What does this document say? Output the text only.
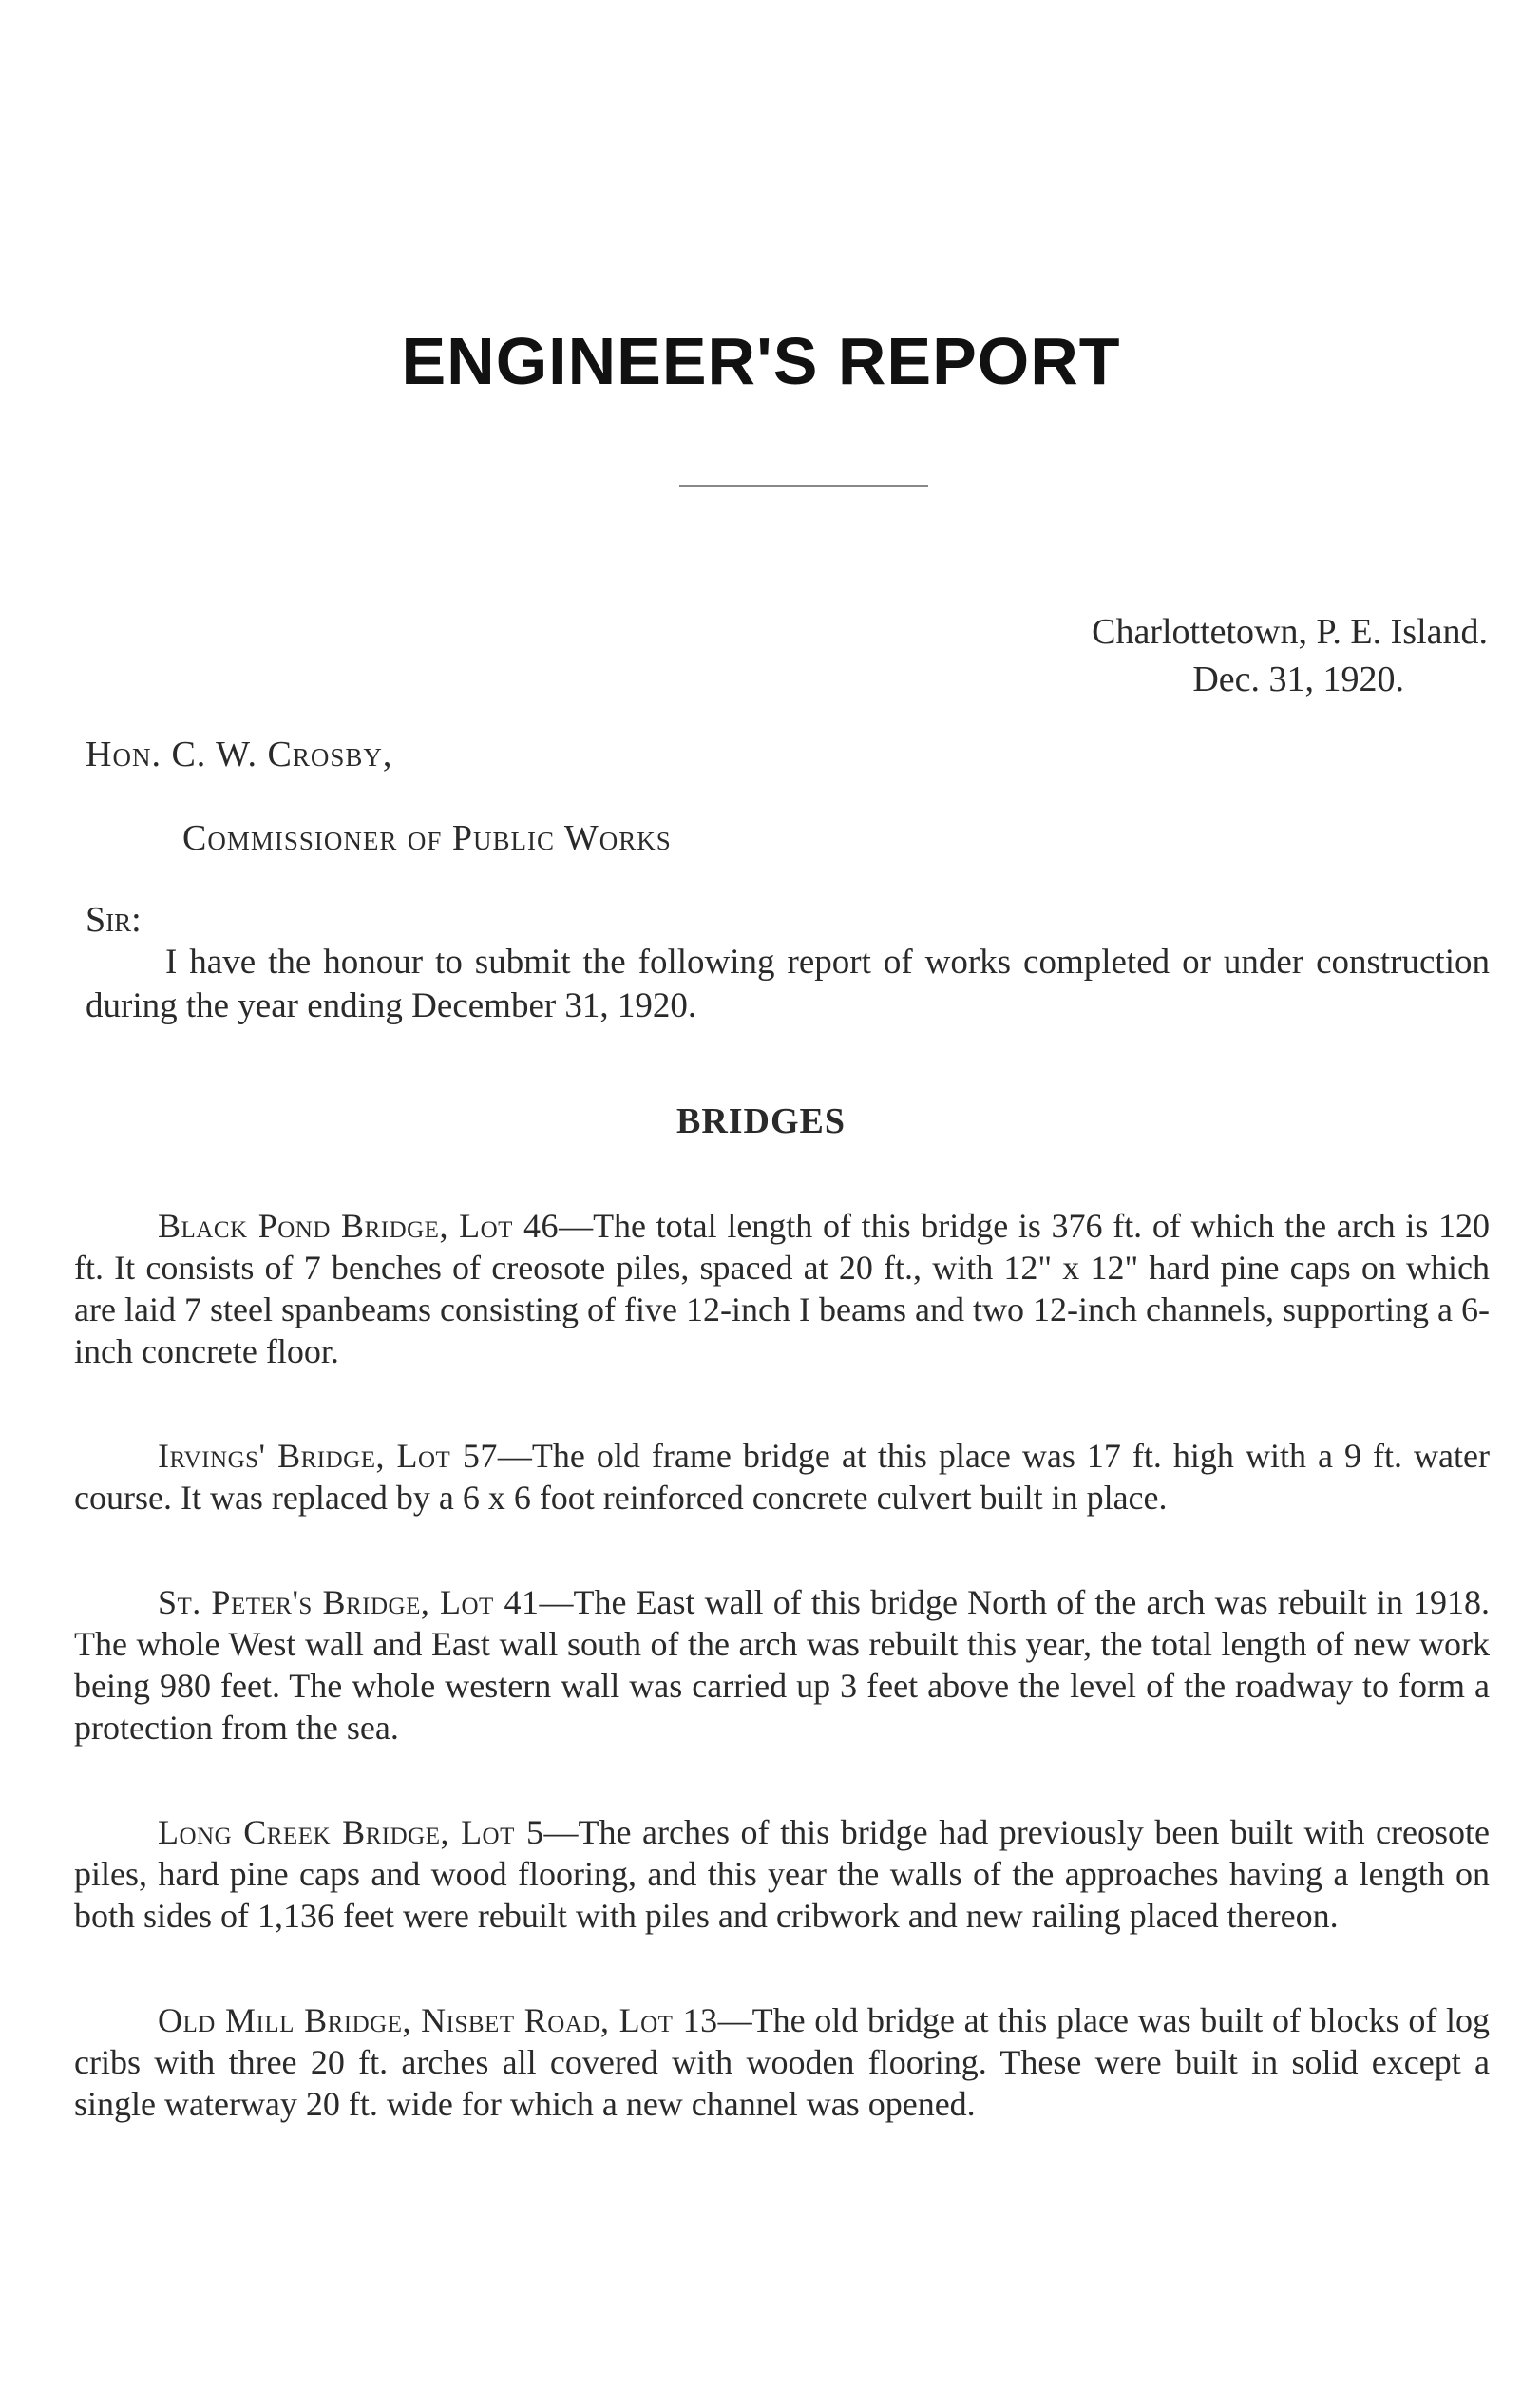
ENGINEER'S REPORT
Charlottetown, P. E. Island.
Dec. 31, 1920.
Hon. C. W. Crosby,
Commissioner of Public Works
Sir:

I have the honour to submit the following report of works completed or under construction during the year ending December 31, 1920.

BRIDGES

Black Pond Bridge, Lot 46—The total length of this bridge is 376 ft. of which the arch is 120 ft. It consists of 7 benches of creosote piles, spaced at 20 ft., with 12" x 12" hard pine caps on which are laid 7 steel spanbeams consisting of five 12-inch I beams and two 12-inch channels, supporting a 6-inch concrete floor.

Irvings' Bridge, Lot 57—The old frame bridge at this place was 17 ft. high with a 9 ft. water course. It was replaced by a 6 x 6 foot reinforced concrete culvert built in place.

St. Peter's Bridge, Lot 41—The East wall of this bridge North of the arch was rebuilt in 1918. The whole West wall and East wall south of the arch was rebuilt this year, the total length of new work being 980 feet. The whole western wall was carried up 3 feet above the level of the roadway to form a protection from the sea.

Long Creek Bridge, Lot 5—The arches of this bridge had previously been built with creosote piles, hard pine caps and wood flooring, and this year the walls of the approaches having a length on both sides of 1,136 feet were rebuilt with piles and cribwork and new railing placed thereon.

Old Mill Bridge, Nisbet Road, Lot 13—The old bridge at this place was built of blocks of log cribs with three 20 ft. arches all covered with wooden flooring. These were built in solid except a single waterway 20 ft. wide for which a new channel was opened.
